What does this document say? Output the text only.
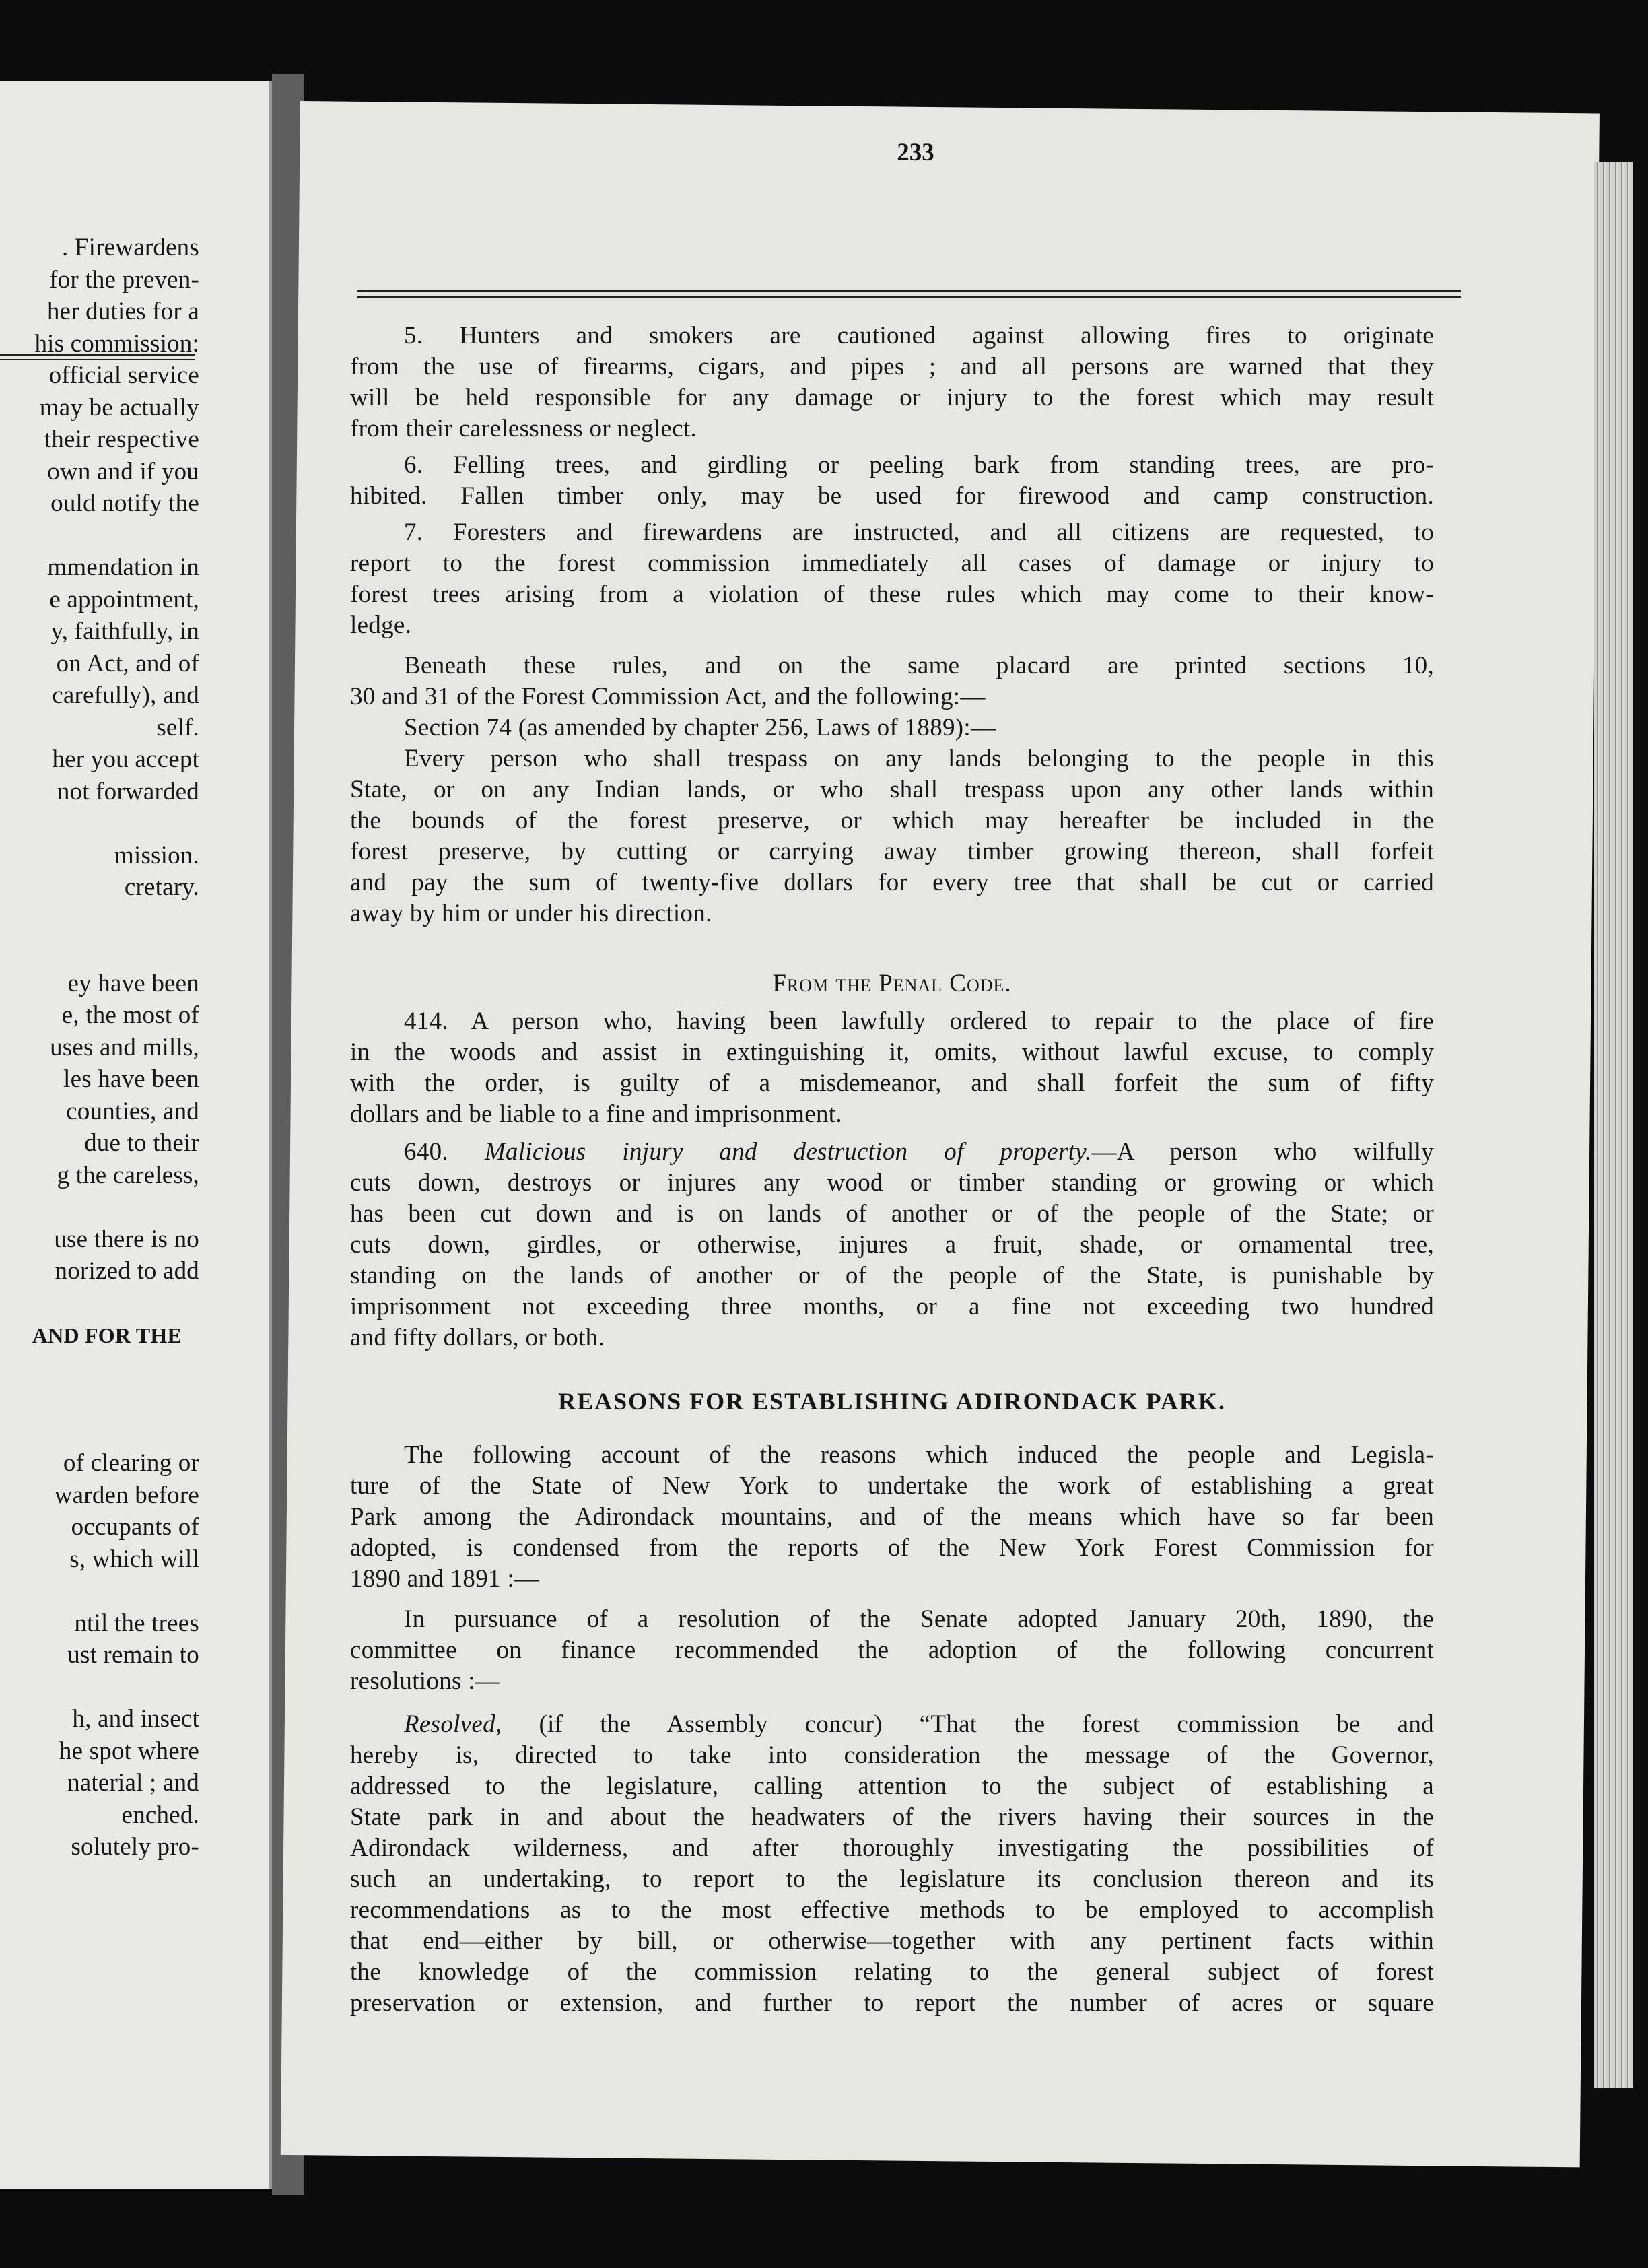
. Firewardens
for the preven-
her duties for a
his commission:
official service
may be actually
their respective
own and if you
ould notify the
mmendation in
e appointment,
y, faithfully, in
on Act, and of
carefully), and
self.
her you accept
not forwarded
mission.
cretary.
ey have been
e, the most of
uses and mills,
les have been
counties, and
due to their
g the careless,
use there is no
norized to add
AND FOR THE
of clearing or
warden before
occupants of
s, which will
ntil the trees
ust remain to
h, and insect
he spot where
naterial ; and
enched.
solutely pro-
233
5. Hunters and smokers are cautioned against allowing fires to originate
from the use of firearms, cigars, and pipes ; and all persons are warned that they
will be held responsible for any damage or injury to the forest which may result
from their carelessness or neglect.
6. Felling trees, and girdling or peeling bark from standing trees, are pro-
hibited. Fallen timber only, may be used for firewood and camp construction.
7. Foresters and firewardens are instructed, and all citizens are requested, to
report to the forest commission immediately all cases of damage or injury to
forest trees arising from a violation of these rules which may come to their know-
ledge.
Beneath these rules, and on the same placard are printed sections 10,
30 and 31 of the Forest Commission Act, and the following:—
Section 74 (as amended by chapter 256, Laws of 1889):—
Every person who shall trespass on any lands belonging to the people in this
State, or on any Indian lands, or who shall trespass upon any other lands within
the bounds of the forest preserve, or which may hereafter be included in the
forest preserve, by cutting or carrying away timber growing thereon, shall forfeit
and pay the sum of twenty-five dollars for every tree that shall be cut or carried
away by him or under his direction.
From the Penal Code.
414. A person who, having been lawfully ordered to repair to the place of fire
in the woods and assist in extinguishing it, omits, without lawful excuse, to comply
with the order, is guilty of a misdemeanor, and shall forfeit the sum of fifty
dollars and be liable to a fine and imprisonment.
640. Malicious injury and destruction of property.—A person who wilfully
cuts down, destroys or injures any wood or timber standing or growing or which
has been cut down and is on lands of another or of the people of the State; or
cuts down, girdles, or otherwise, injures a fruit, shade, or ornamental tree,
standing on the lands of another or of the people of the State, is punishable by
imprisonment not exceeding three months, or a fine not exceeding two hundred
and fifty dollars, or both.
REASONS FOR ESTABLISHING ADIRONDACK PARK.
The following account of the reasons which induced the people and Legisla-
ture of the State of New York to undertake the work of establishing a great
Park among the Adirondack mountains, and of the means which have so far been
adopted, is condensed from the reports of the New York Forest Commission for
1890 and 1891 :—
In pursuance of a resolution of the Senate adopted January 20th, 1890, the
committee on finance recommended the adoption of the following concurrent
resolutions :—
Resolved, (if the Assembly concur) “That the forest commission be and
hereby is, directed to take into consideration the message of the Governor,
addressed to the legislature, calling attention to the subject of establishing a
State park in and about the headwaters of the rivers having their sources in the
Adirondack wilderness, and after thoroughly investigating the possibilities of
such an undertaking, to report to the legislature its conclusion thereon and its
recommendations as to the most effective methods to be employed to accomplish
that end—either by bill, or otherwise—together with any pertinent facts within
the knowledge of the commission relating to the general subject of forest
preservation or extension, and further to report the number of acres or square
